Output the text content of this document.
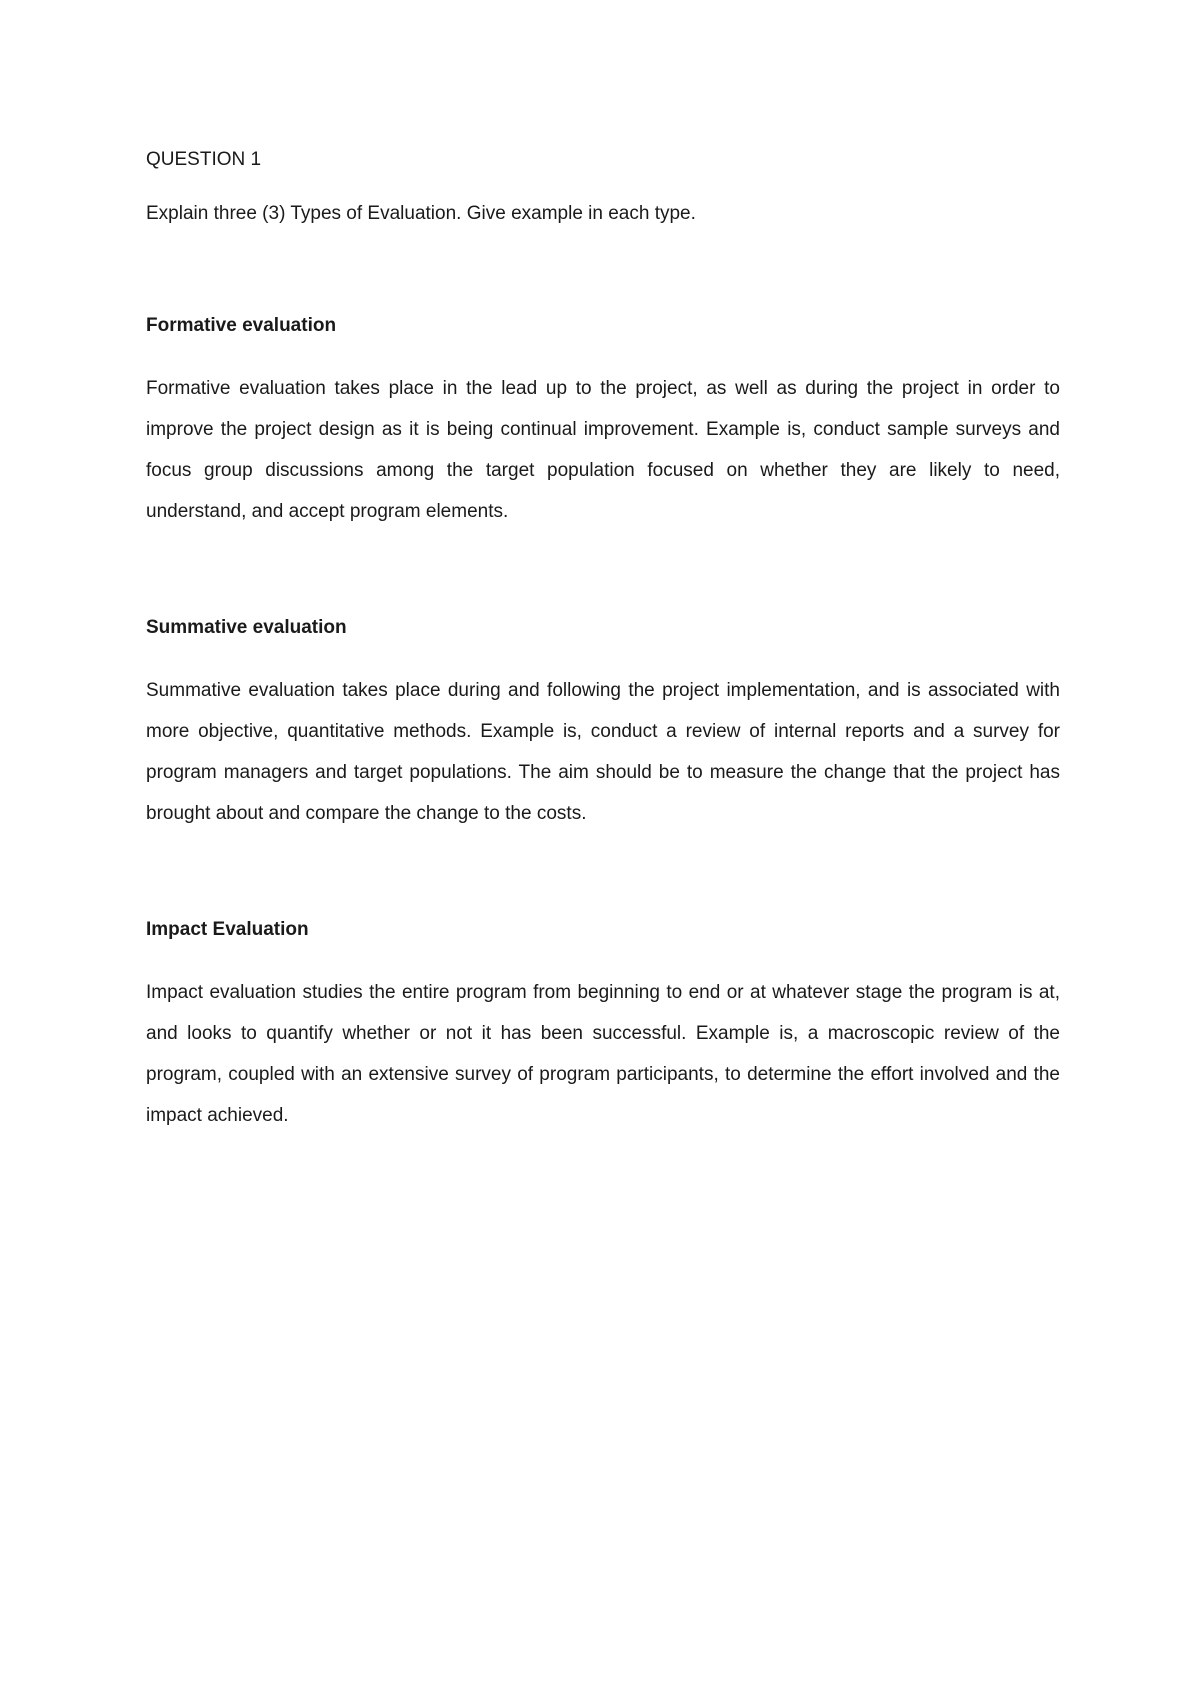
QUESTION 1

Explain three (3) Types of Evaluation. Give example in each type.

Formative evaluation

Formative evaluation takes place in the lead up to the project, as well as during the project in order to improve the project design as it is being continual improvement. Example is, conduct sample surveys and focus group discussions among the target population focused on whether they are likely to need, understand, and accept program elements.

Summative evaluation

Summative evaluation takes place during and following the project implementation, and is associated with more objective, quantitative methods. Example is, conduct a review of internal reports and a survey for program managers and target populations. The aim should be to measure the change that the project has brought about and compare the change to the costs.

Impact Evaluation

Impact evaluation studies the entire program from beginning to end or at whatever stage the program is at, and looks to quantify whether or not it has been successful. Example is, a macroscopic review of the program, coupled with an extensive survey of program participants, to determine the effort involved and the impact achieved.
